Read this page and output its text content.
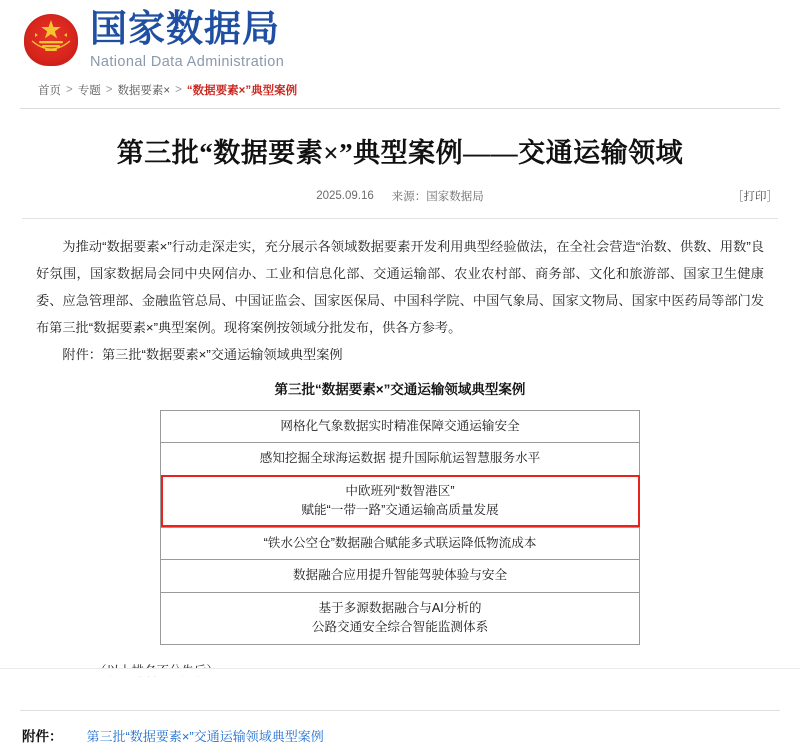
国家数据局
National Data Administration
首页 > 专题 > 数据要素× > “数据要素×”典型案例
第三批“数据要素×”典型案例——交通运输领域
2025.09.16 来源：国家数据局	［打印］

为推动“数据要素×”行动走深走实，充分展示各领域数据要素开发利用典型经验做法，在全社会营造“治数、供数、用数”良好氛围，国家数据局会同中央网信办、工业和信息化部、交通运输部、农业农村部、商务部、文化和旅游部、国家卫生健康委、应急管理部、金融监管总局、中国证监会、国家医保局、中国科学院、中国气象局、国家文物局、国家中医药局等部门发布第三批“数据要素×”典型案例。现将案例按领域分批发布，供各方参考。

附件：第三批“数据要素×”交通运输领域典型案例

第三批“数据要素×”交通运输领域典型案例
网格化气象数据实时精准保障交通运输安全
感知挖掘全球海运数据 提升国际航运智慧服务水平

中欧班列“数智港区”
赋能“一带一路”交通运输高质量发展

“铁水公空仓”数据融合赋能多式联运降低物流成本
数据融合应用提升智能驾驶体验与安全

基于多源数据融合与AI分析的
公路交通安全综合智能监测体系
附件： 第三批“数据要素×”交通运输领域典型案例
